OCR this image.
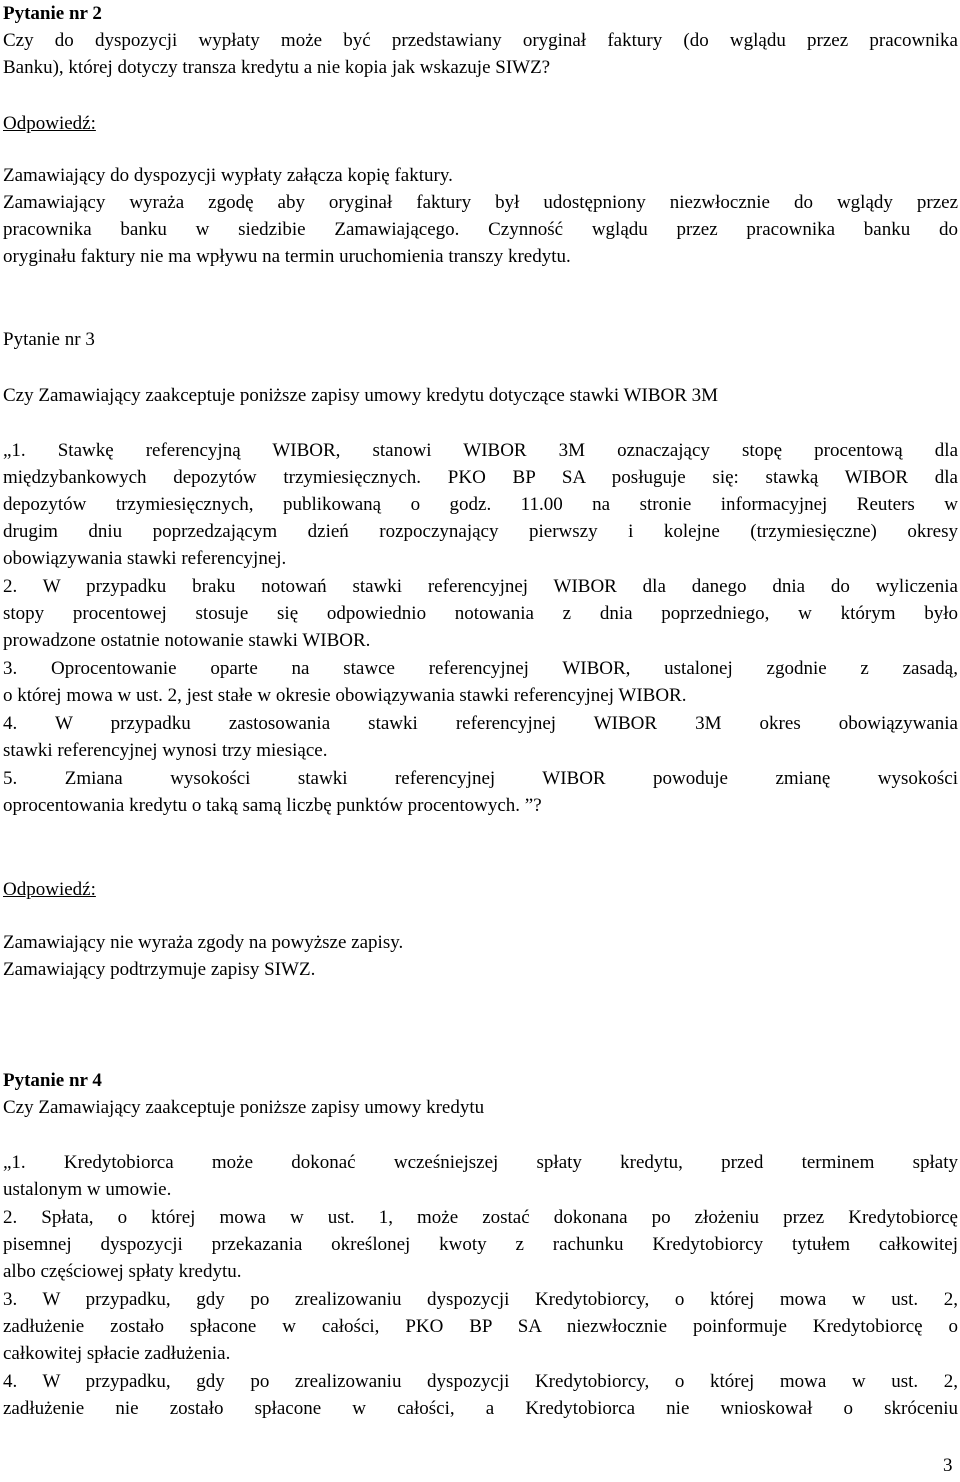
Pytanie nr 2

Czy do dyspozycji wypłaty może być przedstawiany oryginał faktury (do wglądu przez pracownika

Banku), której dotyczy transza kredytu a nie kopia jak wskazuje SIWZ?

Odpowiedź:

Zamawiający do dyspozycji wypłaty załącza kopię faktury.

Zamawiający wyraża zgodę aby oryginał faktury był udostępniony niezwłocznie do wglądy przez

pracownika banku w siedzibie Zamawiającego. Czynność wglądu przez pracownika banku do

oryginału faktury nie ma wpływu na termin uruchomienia transzy kredytu.

Pytanie nr 3

Czy Zamawiający zaakceptuje poniższe zapisy umowy kredytu dotyczące stawki WIBOR 3M

„1. Stawkę referencyjną WIBOR, stanowi WIBOR 3M oznaczający stopę procentową dla

międzybankowych depozytów trzymiesięcznych. PKO BP SA posługuje się: stawką WIBOR dla

depozytów trzymiesięcznych, publikowaną o godz. 11.00 na stronie informacyjnej Reuters w

drugim dniu poprzedzającym dzień rozpoczynający pierwszy i kolejne (trzymiesięczne) okresy

obowiązywania stawki referencyjnej.

2. W przypadku braku notowań stawki referencyjnej WIBOR dla danego dnia do wyliczenia

stopy procentowej stosuje się odpowiednio notowania z dnia poprzedniego, w którym było

prowadzone ostatnie notowanie stawki WIBOR.

3. Oprocentowanie oparte na stawce referencyjnej WIBOR, ustalonej zgodnie z zasadą,

o której mowa w ust. 2, jest stałe w okresie obowiązywania stawki referencyjnej WIBOR.

4. W przypadku zastosowania stawki referencyjnej WIBOR 3M okres obowiązywania

stawki referencyjnej wynosi trzy miesiące.

5. Zmiana wysokości stawki referencyjnej WIBOR powoduje zmianę wysokości

oprocentowania kredytu o taką samą liczbę punktów procentowych. ”?

Odpowiedź:

Zamawiający nie wyraża zgody na powyższe zapisy.

Zamawiający podtrzymuje zapisy SIWZ.

Pytanie nr 4

Czy Zamawiający zaakceptuje poniższe zapisy umowy kredytu

„1. Kredytobiorca może dokonać wcześniejszej spłaty kredytu, przed terminem spłaty

ustalonym w umowie.

2. Spłata, o której mowa w ust. 1, może zostać dokonana po złożeniu przez Kredytobiorcę

pisemnej dyspozycji przekazania określonej kwoty z rachunku Kredytobiorcy tytułem całkowitej

albo częściowej spłaty kredytu.

3. W przypadku, gdy po zrealizowaniu dyspozycji Kredytobiorcy, o której mowa w ust. 2,

zadłużenie zostało spłacone w całości, PKO BP SA niezwłocznie poinformuje Kredytobiorcę o

całkowitej spłacie zadłużenia.

4. W przypadku, gdy po zrealizowaniu dyspozycji Kredytobiorcy, o której mowa w ust. 2,

zadłużenie nie zostało spłacone w całości, a Kredytobiorca nie wnioskował o skróceniu

3
